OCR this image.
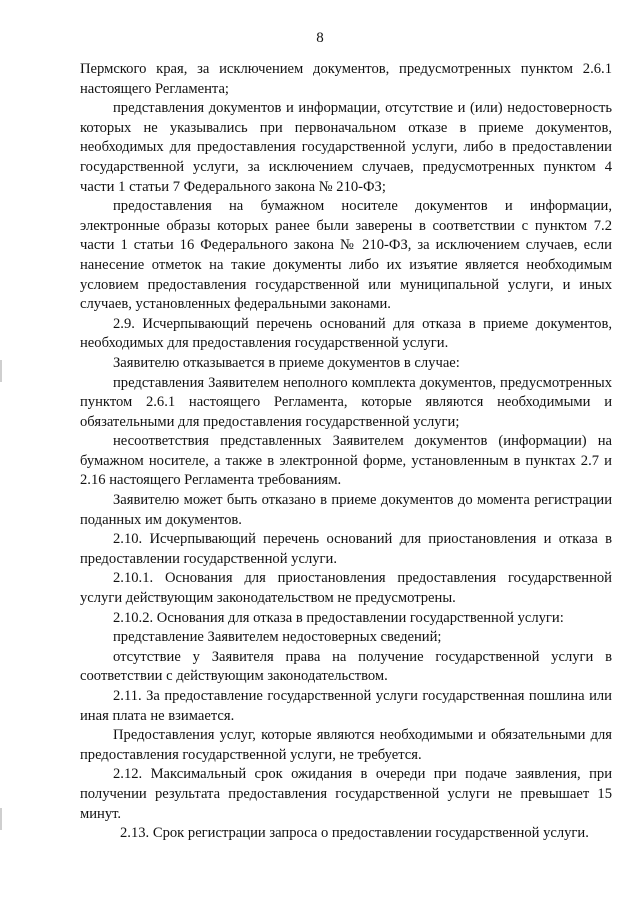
8

Пермского края, за исключением документов, предусмотренных пунктом 2.6.1 настоящего Регламента;

представления документов и информации, отсутствие и (или) недостоверность которых не указывались при первоначальном отказе в приеме документов, необходимых для предоставления государственной услуги, либо в предоставлении государственной услуги, за исключением случаев, предусмотренных пунктом 4 части 1 статьи 7 Федерального закона № 210-ФЗ;

предоставления на бумажном носителе документов и информации, электронные образы которых ранее были заверены в соответствии с пунктом 7.2 части 1 статьи 16 Федерального закона № 210-ФЗ, за исключением случаев, если нанесение отметок на такие документы либо их изъятие является необходимым условием предоставления государственной или муниципальной услуги, и иных случаев, установленных федеральными законами.

2.9. Исчерпывающий перечень оснований для отказа в приеме документов, необходимых для предоставления государственной услуги.

Заявителю отказывается в приеме документов в случае:

представления Заявителем неполного комплекта документов, предусмотренных пунктом 2.6.1 настоящего Регламента, которые являются необходимыми и обязательными для предоставления государственной услуги;

несоответствия представленных Заявителем документов (информации) на бумажном носителе, а также в электронной форме, установленным в пунктах 2.7 и 2.16 настоящего Регламента требованиям.

Заявителю может быть отказано в приеме документов до момента регистрации поданных им документов.

2.10. Исчерпывающий перечень оснований для приостановления и отказа в предоставлении государственной услуги.

2.10.1. Основания для приостановления предоставления государственной услуги действующим законодательством не предусмотрены.

2.10.2. Основания для отказа в предоставлении государственной услуги:

представление Заявителем недостоверных сведений;

отсутствие у Заявителя права на получение государственной услуги в соответствии с действующим законодательством.

2.11. За предоставление государственной услуги государственная пошлина или иная плата не взимается.

Предоставления услуг, которые являются необходимыми и обязательными для предоставления государственной услуги, не требуется.

2.12. Максимальный срок ожидания в очереди при подаче заявления, при получении результата предоставления государственной услуги не превышает 15 минут.

2.13. Срок регистрации запроса о предоставлении государственной услуги.
